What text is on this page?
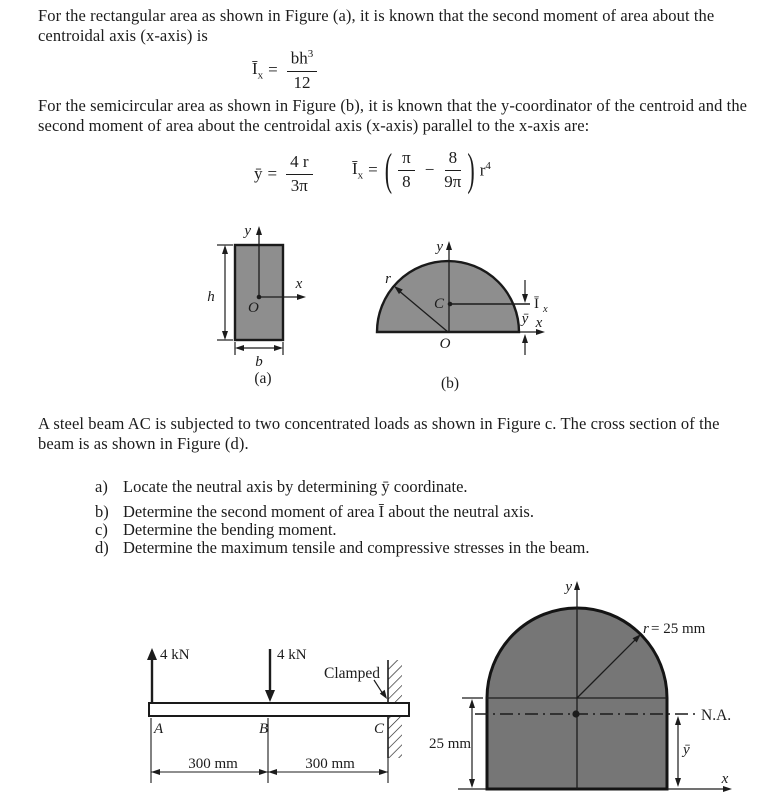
For the rectangular area as shown in Figure (a), it is known that the second moment of area about the centroidal axis (x-axis) is

$Ī_x = \frac{bh^3}{12}$

For the semicircular area as shown in Figure (b), it is known that the y-coordinator of the centroid and the second moment of area about the centroidal axis (x-axis) parallel to the x-axis are:

ȳ = $\frac{4 r}{3\pi}$ $Ī_x$ = ( $\frac{\pi}{8} - \frac{8}{9\pi}$ ) $r^4$
y
x
O
h
b
(a)
y
x
O
C
r
Ī x
ȳ
(b)

A steel beam AC is subjected to two concentrated loads as shown in Figure c. The cross section of the beam is as shown in Figure (d).

a) Locate the neutral axis by determining ȳ coordinate.
b) Determine the second moment of area Ī about the neutral axis.
c) Determine the bending moment.
d) Determine the maximum tensile and compressive stresses in the beam.
4 kN	4 kN
Clamped
A	B	C
300 mm	300 mm
y
N.A.
r = 25 mm
25 mm	ȳ
x
